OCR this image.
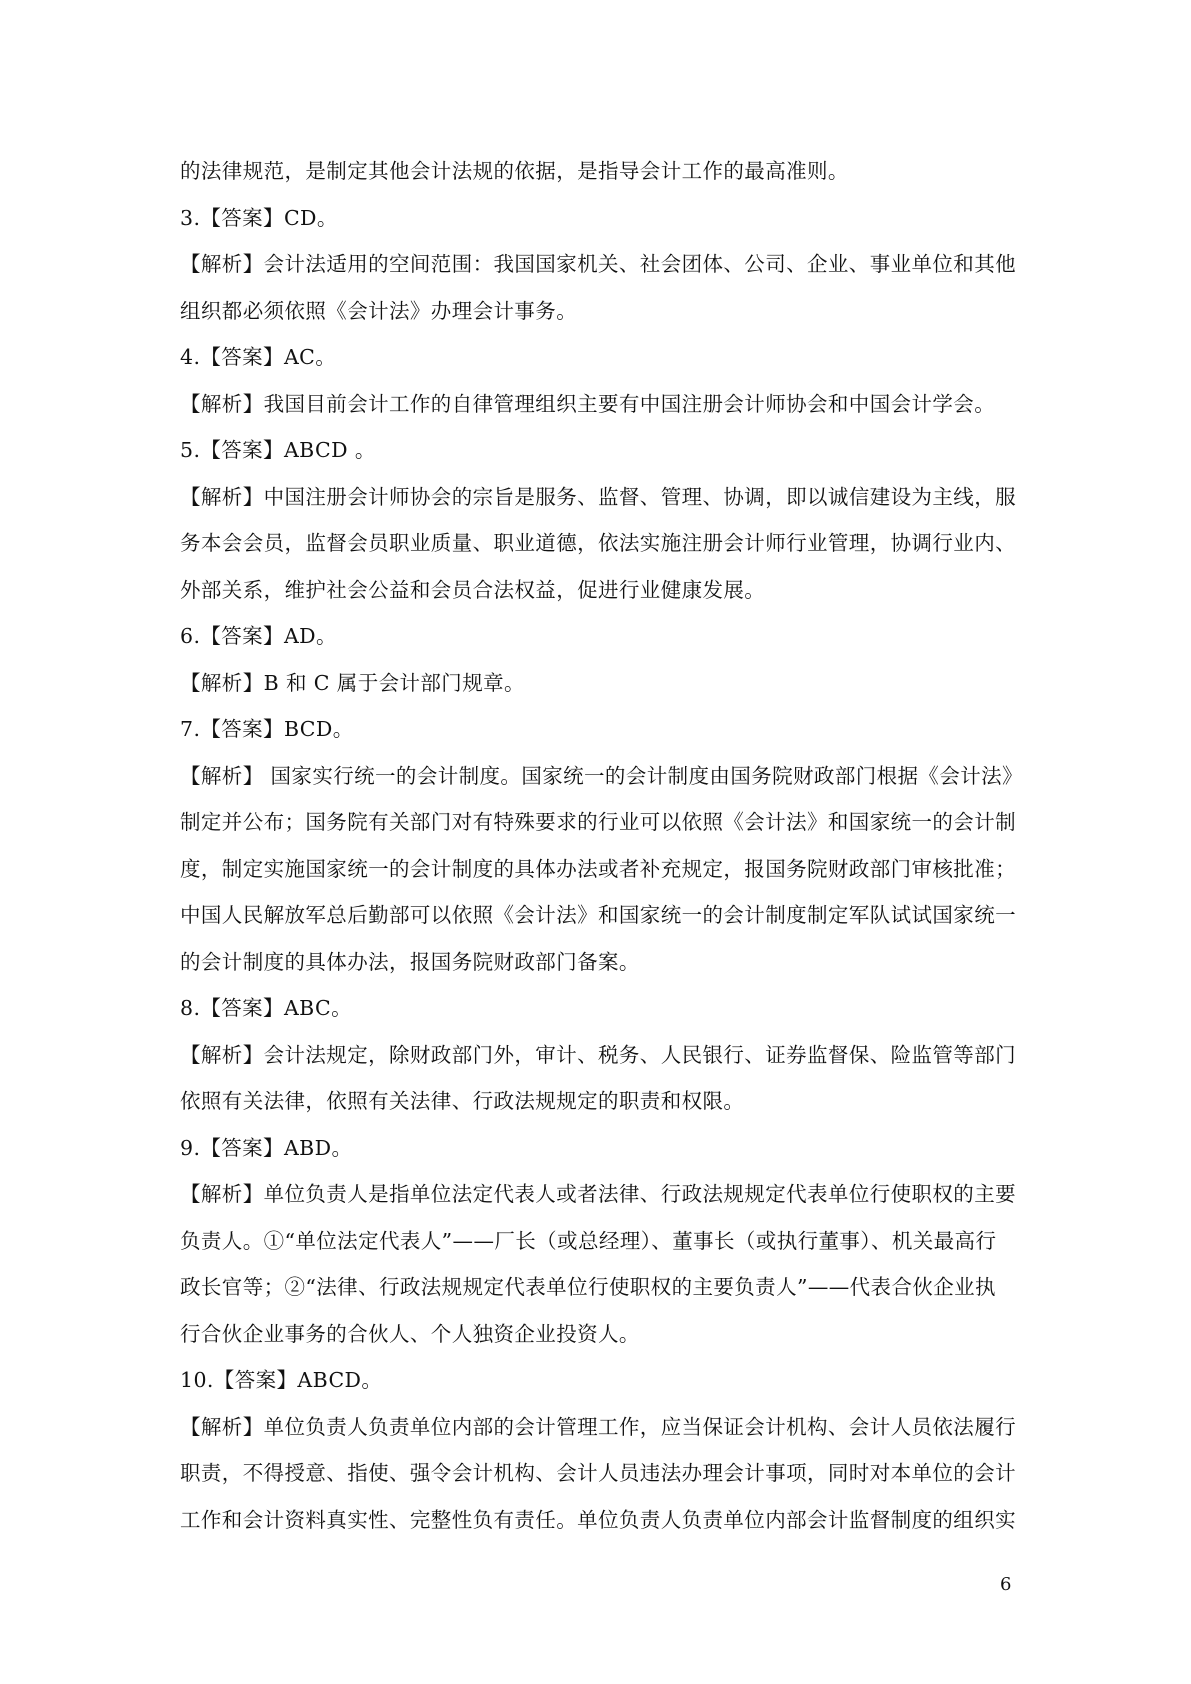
的法律规范，是制定其他会计法规的依据，是指导会计工作的最高准则。
3.【答案】CD。
【解析】会计法适用的空间范围：我国国家机关、社会团体、公司、企业、事业单位和其他
组织都必须依照《会计法》办理会计事务。
4.【答案】AC。
【解析】我国目前会计工作的自律管理组织主要有中国注册会计师协会和中国会计学会。
5.【答案】ABCD 。
【解析】中国注册会计师协会的宗旨是服务、监督、管理、协调，即以诚信建设为主线，服
务本会会员，监督会员职业质量、职业道德，依法实施注册会计师行业管理，协调行业内、
外部关系，维护社会公益和会员合法权益，促进行业健康发展。
6.【答案】AD。
【解析】B 和 C 属于会计部门规章。
7.【答案】BCD。
【解析】 国家实行统一的会计制度。国家统一的会计制度由国务院财政部门根据《会计法》
制定并公布；国务院有关部门对有特殊要求的行业可以依照《会计法》和国家统一的会计制
度，制定实施国家统一的会计制度的具体办法或者补充规定，报国务院财政部门审核批准；
中国人民解放军总后勤部可以依照《会计法》和国家统一的会计制度制定军队试试国家统一
的会计制度的具体办法，报国务院财政部门备案。
8.【答案】ABC。
【解析】会计法规定，除财政部门外，审计、税务、人民银行、证券监督保、险监管等部门
依照有关法律，依照有关法律、行政法规规定的职责和权限。
9.【答案】ABD。
【解析】单位负责人是指单位法定代表人或者法律、行政法规规定代表单位行使职权的主要
负责人。①“单位法定代表人”——厂长（或总经理）、董事长（或执行董事）、机关最高行
政长官等；②“法律、行政法规规定代表单位行使职权的主要负责人”——代表合伙企业执
行合伙企业事务的合伙人、个人独资企业投资人。
10.【答案】ABCD。
【解析】单位负责人负责单位内部的会计管理工作，应当保证会计机构、会计人员依法履行
职责，不得授意、指使、强令会计机构、会计人员违法办理会计事项，同时对本单位的会计
工作和会计资料真实性、完整性负有责任。单位负责人负责单位内部会计监督制度的组织实
6
